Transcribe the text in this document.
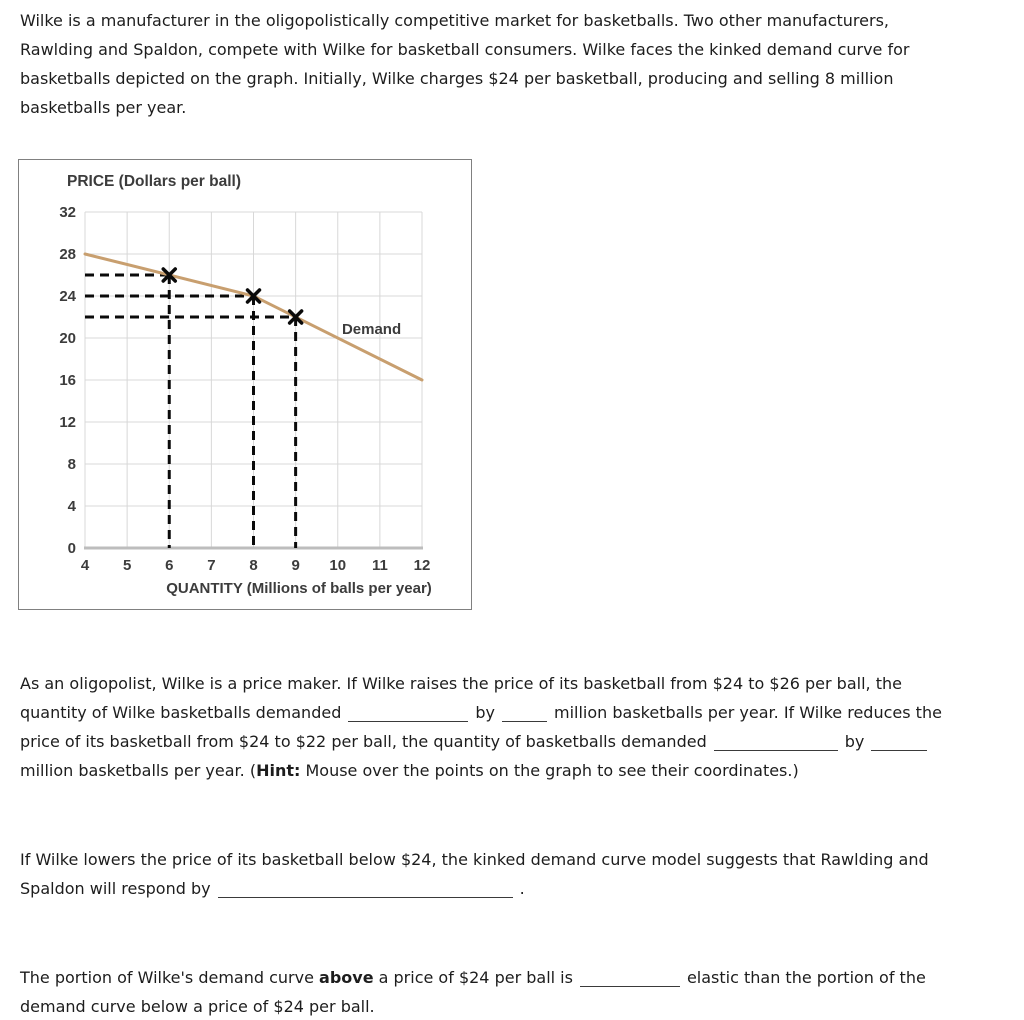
Wilke is a manufacturer in the oligopolistically competitive market for basketballs. Two other manufacturers,
Rawlding and Spaldon, compete with Wilke for basketball consumers. Wilke faces the kinked demand curve for
basketballs depicted on the graph. Initially, Wilke charges $24 per basketball, producing and selling 8 million
basketballs per year.
PRICE (Dollars per ball)
0
4
8
12
16
20
24
28
32
4 5 6 7 8 9 10 11 12
QUANTITY (Millions of balls per year)
Demand
As an oligopolist, Wilke is a price maker. If Wilke raises the price of its basketball from $24 to $26 per ball, the
quantity of Wilke basketballs demanded	by	million basketballs per year. If Wilke reduces the
price of its basketball from $24 to $22 per ball, the quantity of basketballs demanded	by
million basketballs per year. (Hint: Mouse over the points on the graph to see their coordinates.)
If Wilke lowers the price of its basketball below $24, the kinked demand curve model suggests that Rawlding and
Spaldon will respond by	.
The portion of Wilke's demand curve above a price of $24 per ball is	elastic than the portion of the
demand curve below a price of $24 per ball.
